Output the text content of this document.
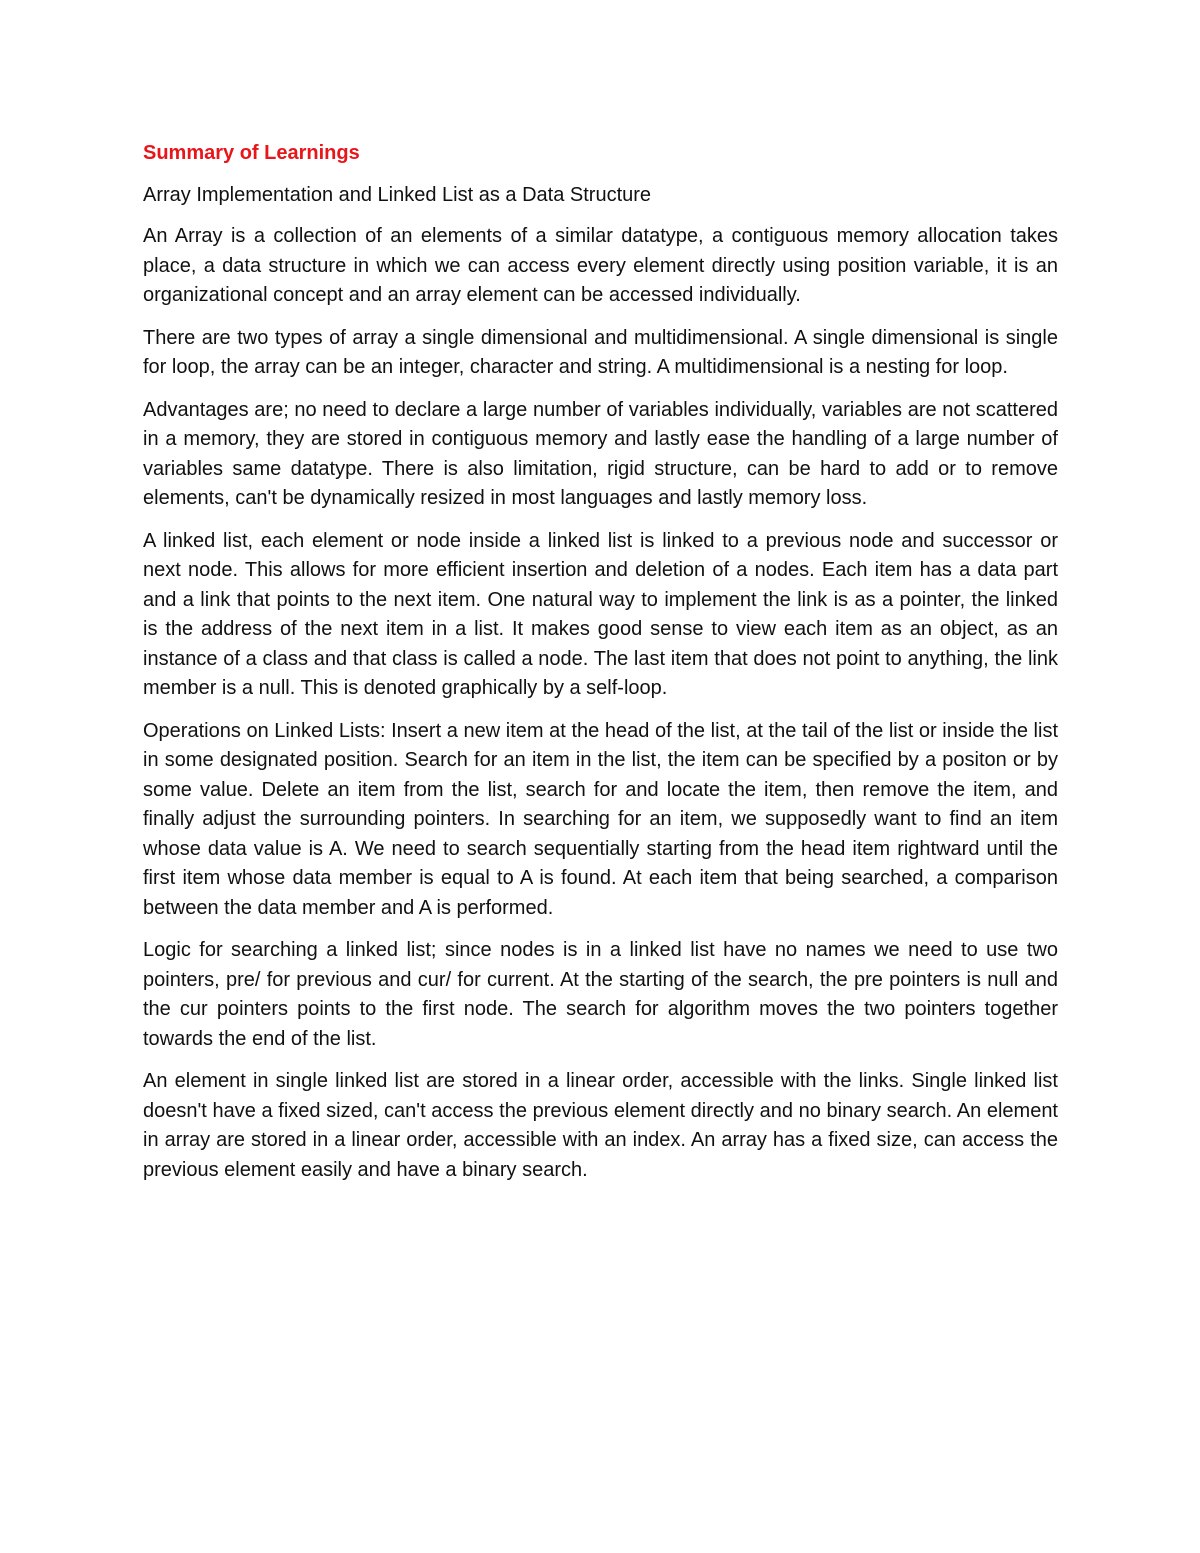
Summary of Learnings
Array Implementation and Linked List as a Data Structure

An Array is a collection of an elements of a similar datatype, a contiguous memory allocation takes place, a data structure in which we can access every element directly using position variable, it is an organizational concept and an array element can be accessed individually.

There are two types of array a single dimensional and multidimensional. A single dimensional is single for loop, the array can be an integer, character and string. A multidimensional is a nesting for loop.

Advantages are; no need to declare a large number of variables individually, variables are not scattered in a memory, they are stored in contiguous memory and lastly ease the handling of a large number of variables same datatype. There is also limitation, rigid structure, can be hard to add or to remove elements, can't be dynamically resized in most languages and lastly memory loss.

A linked list, each element or node inside a linked list is linked to a previous node and successor or next node. This allows for more efficient insertion and deletion of a nodes. Each item has a data part and a link that points to the next item. One natural way to implement the link is as a pointer, the linked is the address of the next item in a list. It makes good sense to view each item as an object, as an instance of a class and that class is called a node. The last item that does not point to anything, the link member is a null. This is denoted graphically by a self-loop.

Operations on Linked Lists: Insert a new item at the head of the list, at the tail of the list or inside the list in some designated position. Search for an item in the list, the item can be specified by a positon or by some value. Delete an item from the list, search for and locate the item, then remove the item, and finally adjust the surrounding pointers. In searching for an item, we supposedly want to find an item whose data value is A. We need to search sequentially starting from the head item rightward until the first item whose data member is equal to A is found. At each item that being searched, a comparison between the data member and A is performed.

Logic for searching a linked list; since nodes is in a linked list have no names we need to use two pointers, pre/ for previous and cur/ for current. At the starting of the search, the pre pointers is null and the cur pointers points to the first node. The search for algorithm moves the two pointers together towards the end of the list.

An element in single linked list are stored in a linear order, accessible with the links. Single linked list doesn't have a fixed sized, can't access the previous element directly and no binary search. An element in array are stored in a linear order, accessible with an index. An array has a fixed size, can access the previous element easily and have a binary search.
